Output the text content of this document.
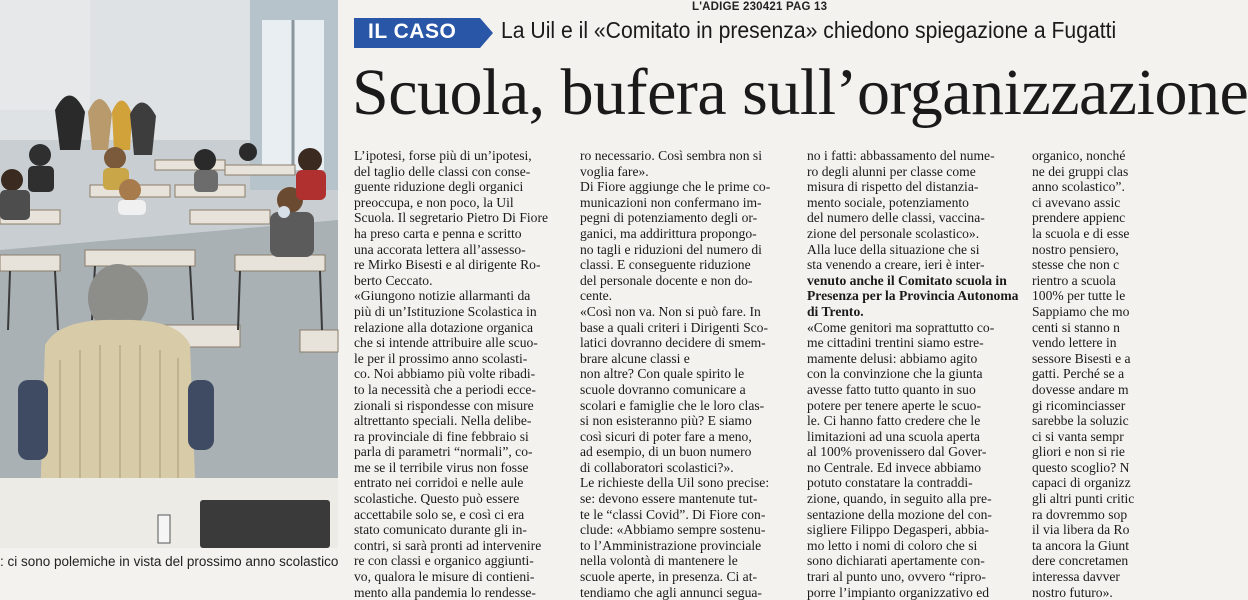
: ci sono polemiche in vista del prossimo anno scolastico
L'ADIGE 230421 PAG 13
IL CASO La Uil e il «Comitato in presenza» chiedono spiegazione a Fugatti
Scuola, bufera sull’organizzazione
L’ipotesi, forse più di un’ipotesi,
del taglio delle classi con conse-
guente riduzione degli organici
preoccupa, e non poco, la Uil
Scuola. Il segretario Pietro Di Fiore
ha preso carta e penna e scritto
una accorata lettera all’assesso-
re Mirko Bisesti e al dirigente Ro-
berto Ceccato.
«Giungono notizie allarmanti da
più di un’Istituzione Scolastica in
relazione alla dotazione organica
che si intende attribuire alle scuo-
le per il prossimo anno scolasti-
co. Noi abbiamo più volte ribadi-
to la necessità che a periodi ecce-
zionali si rispondesse con misure
altrettanto speciali. Nella delibe-
ra provinciale di fine febbraio si
parla di parametri “normali”, co-
me se il terribile virus non fosse
entrato nei corridoi e nelle aule
scolastiche. Questo può essere
accettabile solo se, e così ci era
stato comunicato durante gli in-
contri, si sarà pronti ad intervenire
re con classi e organico aggiunti-
vo, qualora le misure di contieni-
mento alla pandemia lo rendesse-
ro necessario. Così sembra non si
voglia fare».
Di Fiore aggiunge che le prime co-
municazioni non confermano im-
pegni di potenziamento degli or-
ganici, ma addirittura propongo-
no tagli e riduzioni del numero di
classi. E conseguente riduzione
del personale docente e non do-
cente.
«Così non va. Non si può fare. In
base a quali criteri i Dirigenti Sco-
latici dovranno decidere di smem-
brare alcune classi e
non altre? Con quale spirito le
scuole dovranno comunicare a
scolari e famiglie che le loro clas-
si non esisteranno più? E siamo
così sicuri di poter fare a meno,
ad esempio, di un buon numero
di collaboratori scolastici?».
Le richieste della Uil sono precise:
se: devono essere mantenute tut-
te le “classi Covid”. Di Fiore con-
clude: «Abbiamo sempre sostenu-
to l’Amministrazione provinciale
nella volontà di mantenere le
scuole aperte, in presenza. Ci at-
tendiamo che agli annunci segua-
no i fatti: abbassamento del nume-
ro degli alunni per classe come
misura di rispetto del distanzia-
mento sociale, potenziamento
del numero delle classi, vaccina-
zione del personale scolastico».
Alla luce della situazione che si
sta venendo a creare, ieri è inter-
venuto anche il Comitato scuola in
Presenza per la Provincia Autonoma
di Trento.
«Come genitori ma soprattutto co-
me cittadini trentini siamo estre-
mamente delusi: abbiamo agito
con la convinzione che la giunta
avesse fatto tutto quanto in suo
potere per tenere aperte le scuo-
le. Ci hanno fatto credere che le
limitazioni ad una scuola aperta
al 100% provenissero dal Gover-
no Centrale. Ed invece abbiamo
potuto constatare la contraddi-
zione, quando, in seguito alla pre-
sentazione della mozione del con-
sigliere Filippo Degasperi, abbia-
mo letto i nomi di coloro che si
sono dichiarati apertamente con-
trari al punto uno, ovvero “ripro-
porre l’impianto organizzativo ed
organico, nonché
ne dei gruppi clas
anno scolastico”.
ci avevano assic
prendere appienc
la scuola e di esse
nostro pensiero,
stesse che non c
rientro a scuola
100% per tutte le
Sappiamo che mo
centi si stanno n
vendo lettere in
sessore Bisesti e a
gatti. Perché se a
dovesse andare m
gi ricominciasser
sarebbe la soluzic
ci si vanta sempr
gliori e non si rie
questo scoglio? N
capaci di organizz
gli altri punti critic
ra dovremmo sop
il via libera da Ro
ta ancora la Giunt
dere concretamen
interessa davver
nostro futuro».
